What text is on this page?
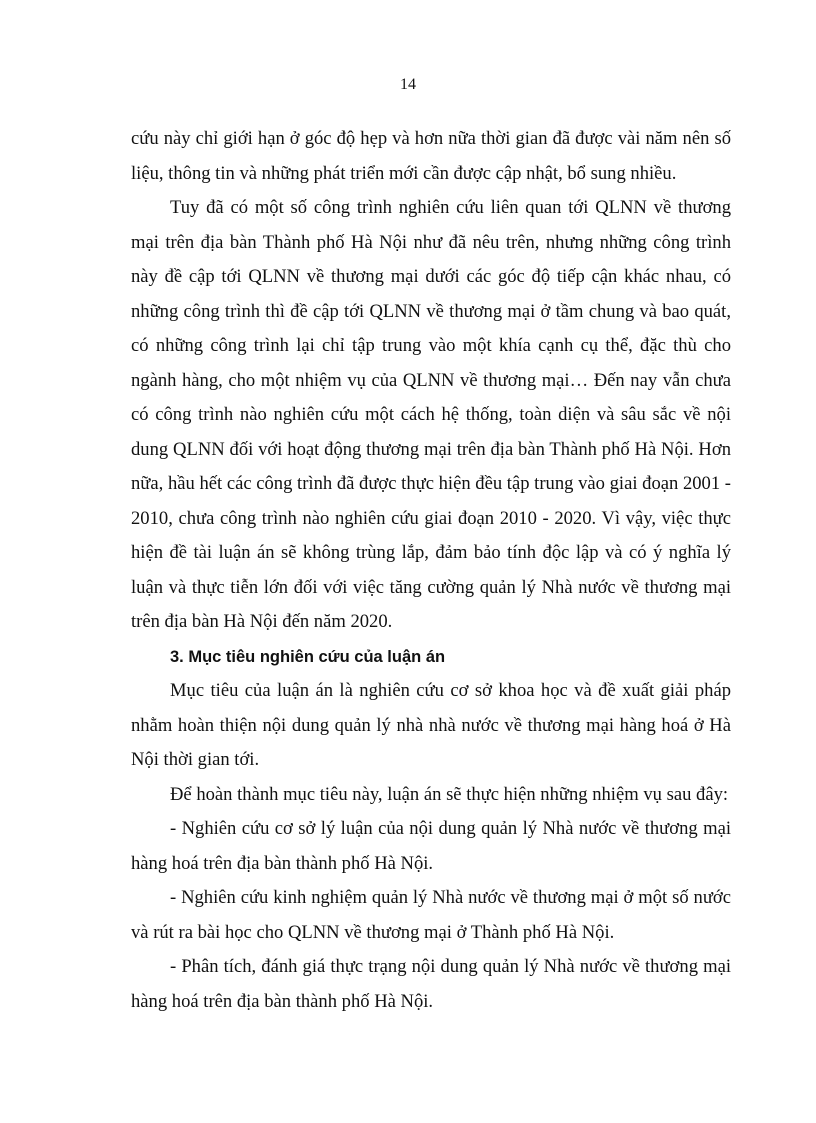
14

cứu này chỉ giới hạn ở góc độ hẹp và hơn nữa thời gian đã được vài năm nên số liệu, thông tin và những phát triển mới cần được cập nhật, bổ sung nhiều.

Tuy đã có một số công trình nghiên cứu liên quan tới QLNN về thương mại trên địa bàn Thành phố Hà Nội như đã nêu trên, nhưng những công trình này đề cập tới QLNN về thương mại dưới các góc độ tiếp cận khác nhau, có những công trình thì đề cập tới QLNN về thương mại ở tầm chung và bao quát, có những công trình lại chỉ tập trung vào một khía cạnh cụ thể, đặc thù cho ngành hàng, cho một nhiệm vụ của QLNN về thương mại… Đến nay vẫn chưa có công trình nào nghiên cứu một cách hệ thống, toàn diện và sâu sắc về nội dung QLNN đối với hoạt động thương mại trên địa bàn Thành phố Hà Nội. Hơn nữa, hầu hết các công trình đã được thực hiện đều tập trung vào giai đoạn 2001 - 2010, chưa công trình nào nghiên cứu giai đoạn 2010 - 2020. Vì vậy, việc thực hiện đề tài luận án sẽ không trùng lắp, đảm bảo tính độc lập và có ý nghĩa lý luận và thực tiễn lớn đối với việc tăng cường quản lý Nhà nước về thương mại trên địa bàn Hà Nội đến năm 2020.

3. Mục tiêu nghiên cứu của luận án

Mục tiêu của luận án là nghiên cứu cơ sở khoa học và đề xuất giải pháp nhằm hoàn thiện nội dung quản lý nhà nhà nước về thương mại hàng hoá ở Hà Nội thời gian tới.

Để hoàn thành mục tiêu này, luận án sẽ thực hiện những nhiệm vụ sau đây:

- Nghiên cứu cơ sở lý luận của nội dung quản lý Nhà nước về thương mại hàng hoá trên địa bàn thành phố Hà Nội.

- Nghiên cứu kinh nghiệm quản lý Nhà nước về thương mại ở một số nước và rút ra bài học cho QLNN về thương mại ở Thành phố Hà Nội.

- Phân tích, đánh giá thực trạng nội dung quản lý Nhà nước về thương mại hàng hoá trên địa bàn thành phố Hà Nội.
